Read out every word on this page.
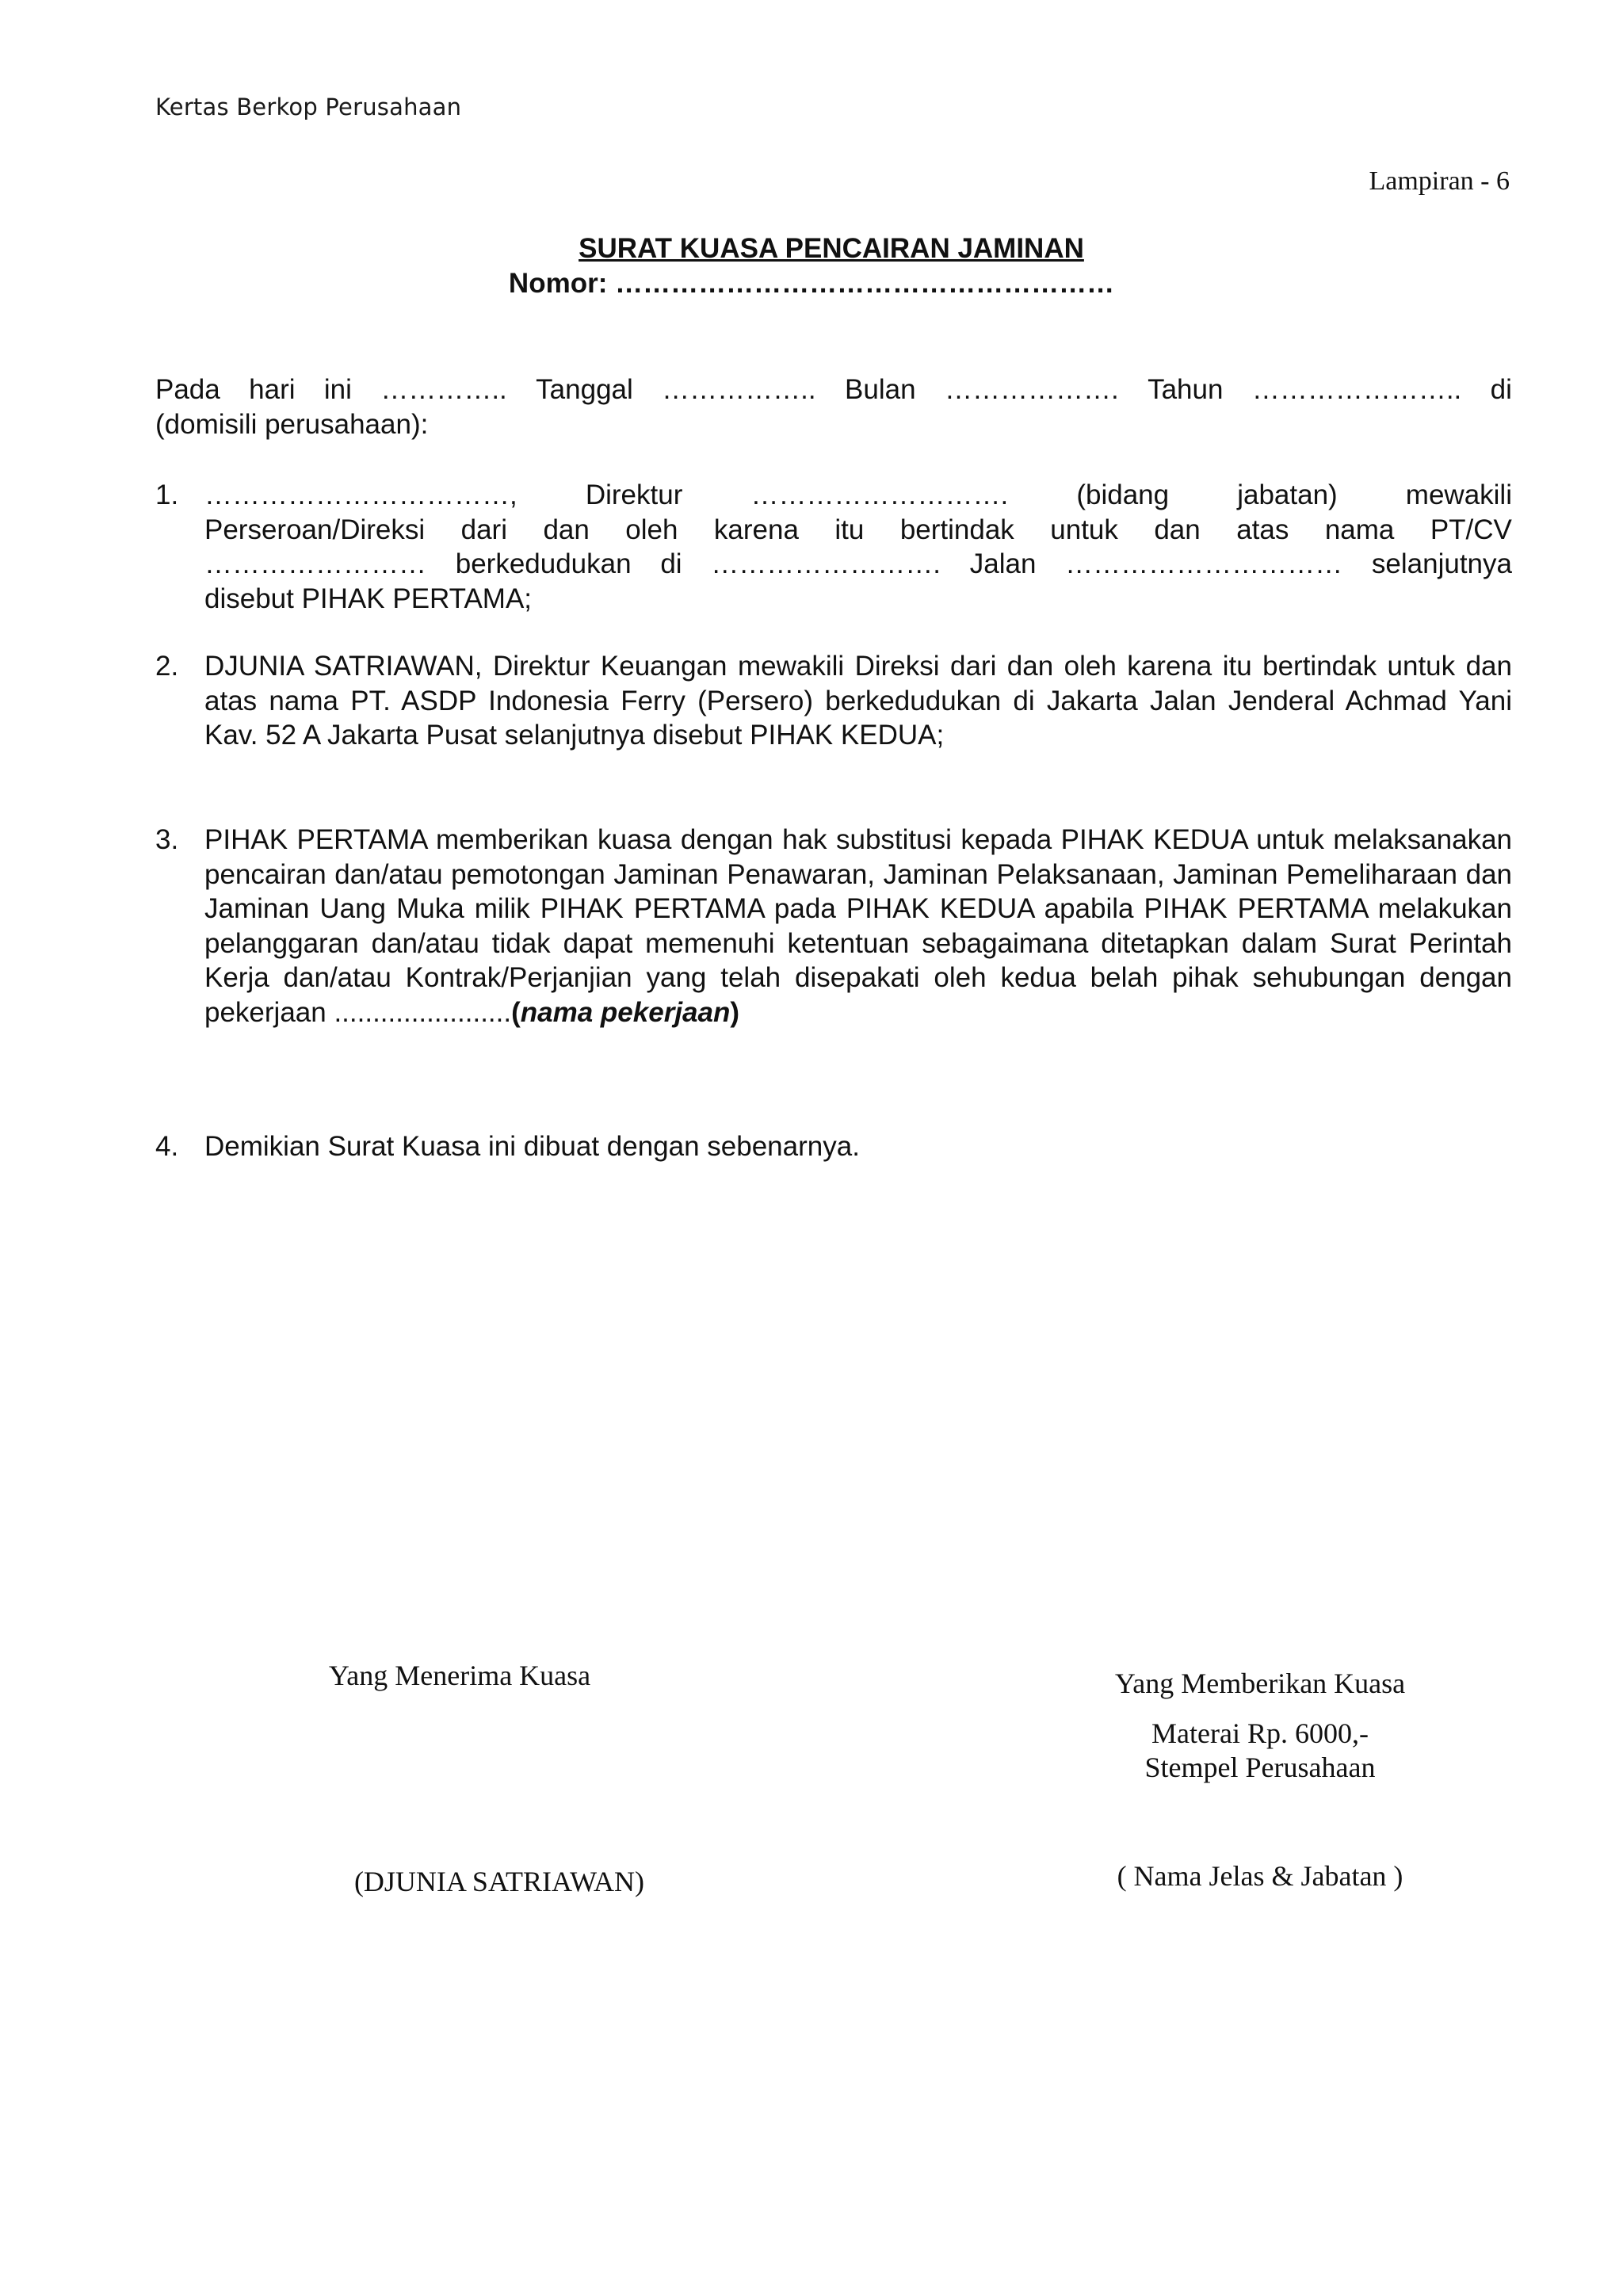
Kertas Berkop Perusahaan
Lampiran - 6
SURAT KUASA PENCAIRAN JAMINAN
Nomor: ………………………………………………
Pada hari ini ………….. Tanggal …………….. Bulan ………………. Tahun ………………….. di
(domisili perusahaan):
1. ……………………………, Direktur ………………………. (bidang jabatan) mewakili
Perseroan/Direksi dari dan oleh karena itu bertindak untuk dan atas nama PT/CV
…………………… berkedudukan di ……………………. Jalan ………………………… selanjutnya
disebut PIHAK PERTAMA;
2. DJUNIA SATRIAWAN, Direktur Keuangan mewakili Direksi dari dan oleh karena itu bertindak untuk dan atas nama PT. ASDP Indonesia Ferry (Persero) berkedudukan di Jakarta Jalan Jenderal Achmad Yani Kav. 52 A Jakarta Pusat selanjutnya disebut PIHAK KEDUA;
3. PIHAK PERTAMA memberikan kuasa dengan hak substitusi kepada PIHAK KEDUA untuk melaksanakan pencairan dan/atau pemotongan Jaminan Penawaran, Jaminan Pelaksanaan, Jaminan Pemeliharaan dan Jaminan Uang Muka milik PIHAK PERTAMA pada PIHAK KEDUA apabila PIHAK PERTAMA melakukan pelanggaran dan/atau tidak dapat memenuhi ketentuan sebagaimana ditetapkan dalam Surat Perintah Kerja dan/atau Kontrak/Perjanjian yang telah disepakati oleh kedua belah pihak sehubungan dengan pekerjaan .......................(nama pekerjaan)
4. Demikian Surat Kuasa ini dibuat dengan sebenarnya.
Yang Menerima Kuasa
(DJUNIA SATRIAWAN)
Yang Memberikan Kuasa
Materai Rp. 6000,-
Stempel Perusahaan
( Nama Jelas & Jabatan )
